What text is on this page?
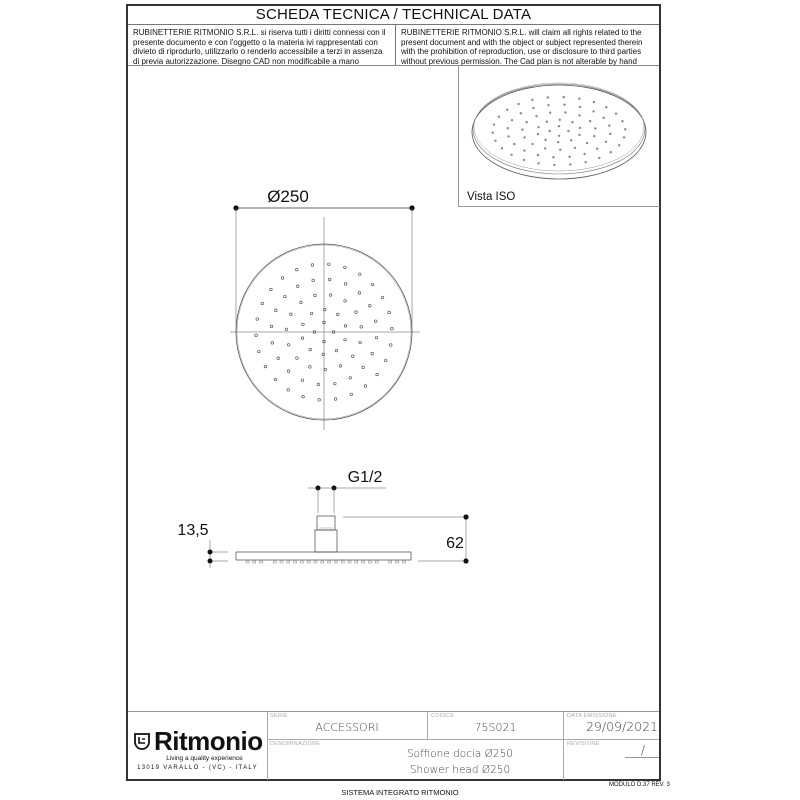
SCHEDA TECNICA / TECHNICAL DATA
RUBINETTERIE RITMONIO S.R.L. si riserva tutti i diritti connessi con il presente documento e con l'oggetto o la materia ivi rappresentati con divieto di riprodurlo, utilizzarlo o renderlo accessibile a terzi in assenza di previa autorizzazione. Disegno CAD non modificabile a mano
RUBINETTERIE RITMONIO S.R.L. will claim all rights related to the present document and with the object or subject represented therein with the prohibition of reproduction, use or disclosure to third parties without previous permission. The Cad plan is not alterable by hand
Vista ISO
Ø250
G1/2
62
13,5
Ritmonio
Living a quality experience
13019 VARALLO - (VC) - ITALY
SERIE
ACCESSORI
CODICE
75S021
DATA EMISSIONE
29/09/2021
DENOMINAZIONE
Soffione docia Ø250
Shower head Ø250
REVISIONE	/
SISTEMA INTEGRATO RITMONIO
MODULO D.37 REV. 3
